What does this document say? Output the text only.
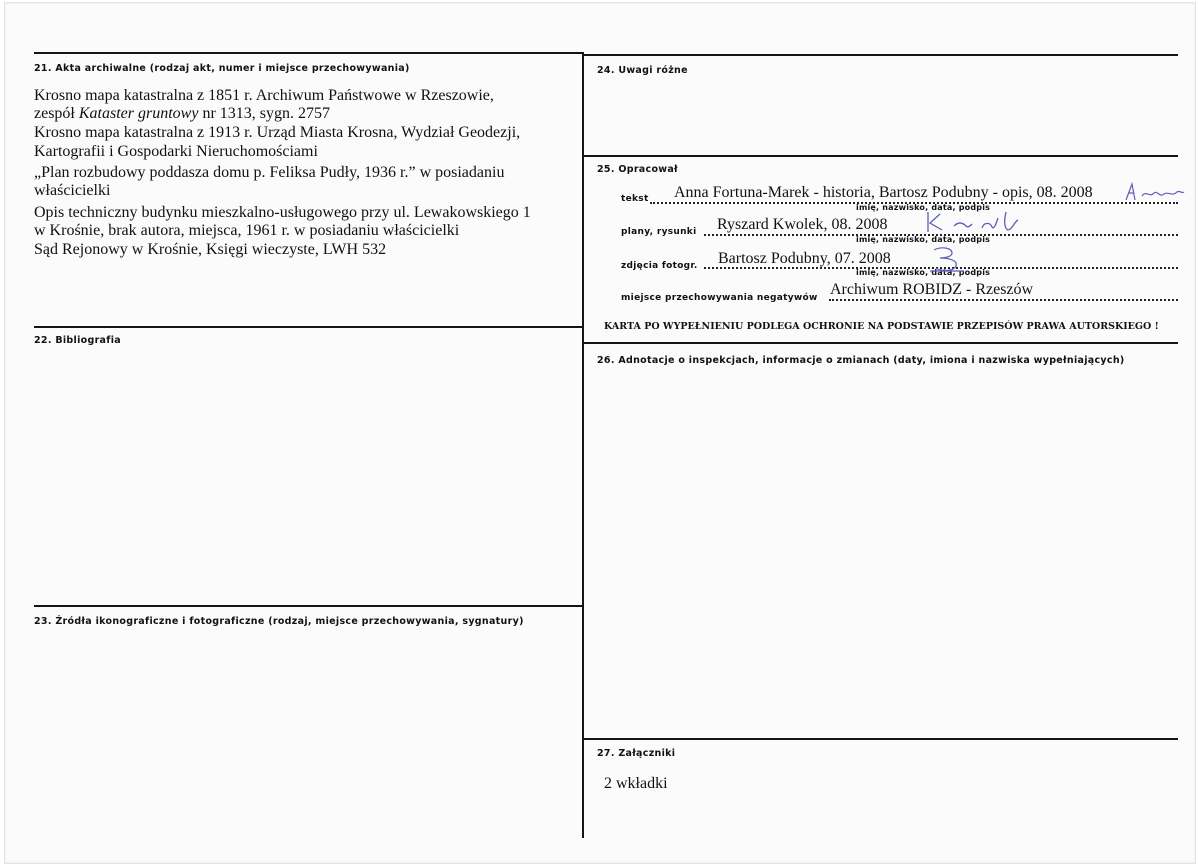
21. Akta archiwalne (rodzaj akt, numer i miejsce przechowywania)
Krosno mapa katastralna z 1851 r. Archiwum Państwowe w Rzeszowie,
zespół Kataster gruntowy nr 1313, sygn. 2757
Krosno mapa katastralna z 1913 r. Urząd Miasta Krosna, Wydział Geodezji,
Kartografii i Gospodarki Nieruchomościami
„Plan rozbudowy poddasza domu p. Feliksa Pudły, 1936 r.” w posiadaniu
właścicielki
Opis techniczny budynku mieszkalno-usługowego przy ul. Lewakowskiego 1
w Krośnie, brak autora, miejsca, 1961 r. w posiadaniu właścicielki
Sąd Rejonowy w Krośnie, Księgi wieczyste, LWH 532
22. Bibliografia
23. Źródła ikonograficzne i fotograficzne (rodzaj, miejsce przechowywania, sygnatury)
24. Uwagi różne
25. Opracował
tekst Anna Fortuna-Marek - historia, Bartosz Podubny - opis, 08. 2008
imię, nazwisko, data, podpis
plany, rysunki Ryszard Kwolek, 08. 2008
imię, nazwisko, data, podpis
zdjęcia fotogr. Bartosz Podubny, 07. 2008
imię, nazwisko, data, podpis
miejsce przechowywania negatywów Archiwum ROBIDZ - Rzeszów
KARTA PO WYPEŁNIENIU PODLEGA OCHRONIE NA PODSTAWIE PRZEPISÓW PRAWA AUTORSKIEGO !
26. Adnotacje o inspekcjach, informacje o zmianach (daty, imiona i nazwiska wypełniających)
27. Załączniki
2 wkładki
